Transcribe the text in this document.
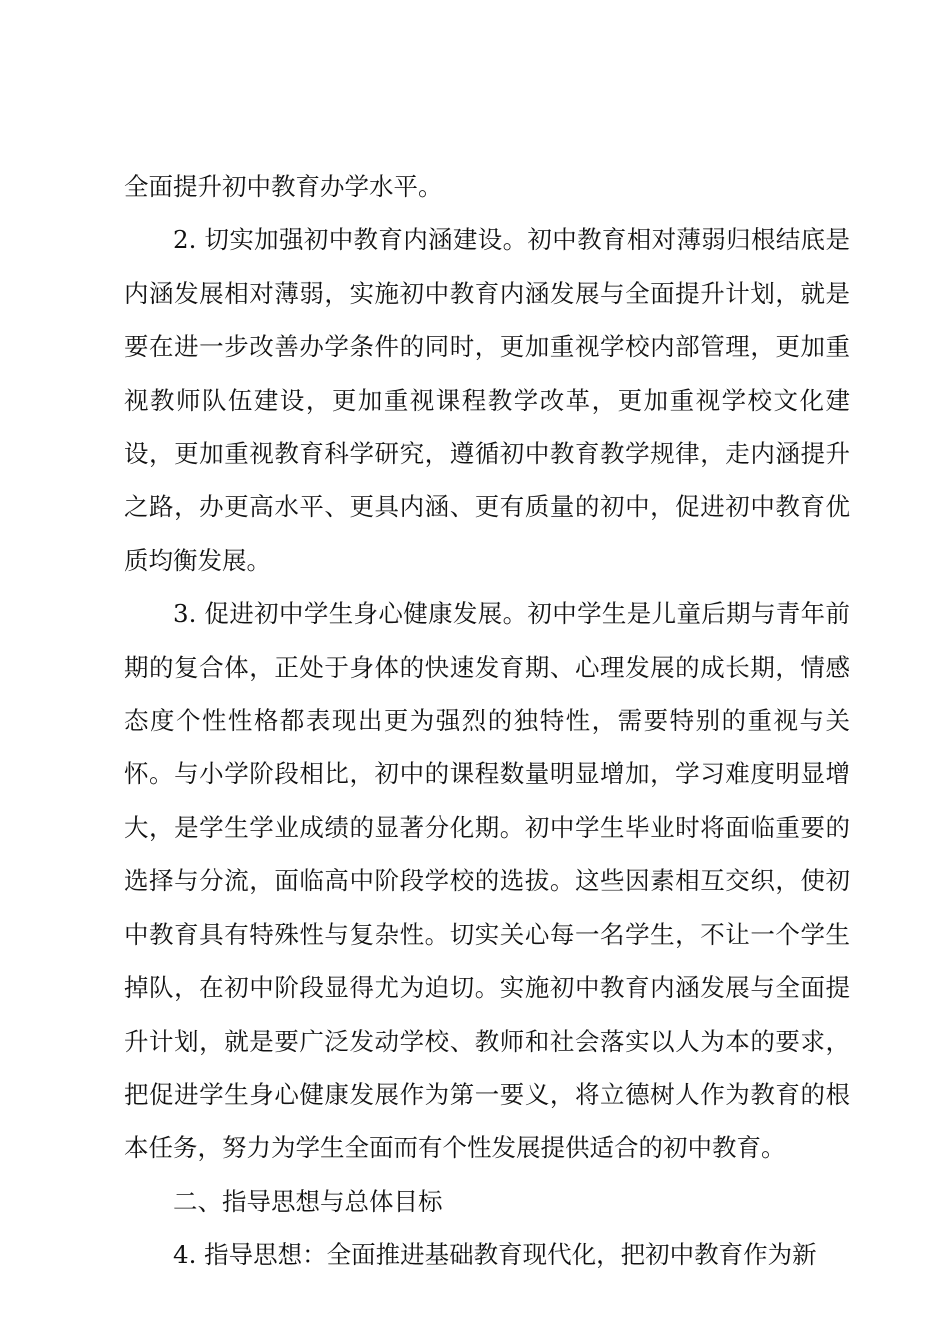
全面提升初中教育办学水平。

2. 切实加强初中教育内涵建设。初中教育相对薄弱归根结底是内涵发展相对薄弱，实施初中教育内涵发展与全面提升计划，就是要在进一步改善办学条件的同时，更加重视学校内部管理，更加重视教师队伍建设，更加重视课程教学改革，更加重视学校文化建设，更加重视教育科学研究，遵循初中教育教学规律，走内涵提升之路，办更高水平、更具内涵、更有质量的初中，促进初中教育优质均衡发展。

3. 促进初中学生身心健康发展。初中学生是儿童后期与青年前期的复合体，正处于身体的快速发育期、心理发展的成长期，情感态度个性性格都表现出更为强烈的独特性，需要特别的重视与关怀。与小学阶段相比，初中的课程数量明显增加，学习难度明显增大，是学生学业成绩的显著分化期。初中学生毕业时将面临重要的选择与分流，面临高中阶段学校的选拔。这些因素相互交织，使初中教育具有特殊性与复杂性。切实关心每一名学生，不让一个学生掉队，在初中阶段显得尤为迫切。实施初中教育内涵发展与全面提升计划，就是要广泛发动学校、教师和社会落实以人为本的要求，把促进学生身心健康发展作为第一要义，将立德树人作为教育的根本任务，努力为学生全面而有个性发展提供适合的初中教育。

二、指导思想与总体目标

4. 指导思想：全面推进基础教育现代化，把初中教育作为新
